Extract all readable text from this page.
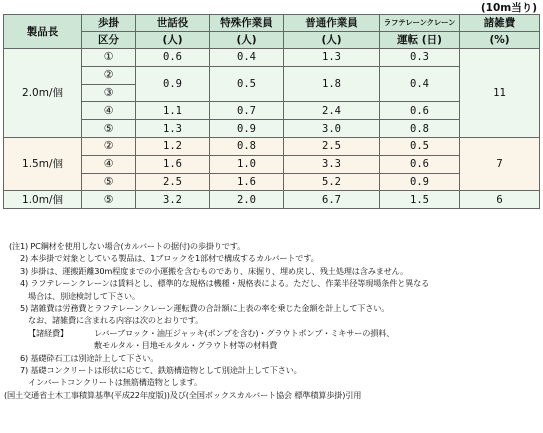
(10m当り)
製品長	歩掛	世話役	特殊作業員	普通作業員	ラフテレーンクレーン	諸雑費
	区分	(人)	(人)	(人)	運転 (日)	(%)
2.0m/個	①	0.6	0.4	1.3	0.3	11
	②	0.9	0.5	1.8	0.4	
	③					
	④	1.1	0.7	2.4	0.6	
	⑤	1.3	0.9	3.0	0.8	
1.5m/個	②	1.2	0.8	2.5	0.5	7
	④	1.6	1.0	3.3	0.6	
	⑤	2.5	1.6	5.2	0.9	
1.0m/個	⑤	3.2	2.0	6.7	1.5	6
(注1) PC鋼材を使用しない場合(カルバートの据付)の歩掛りです。
2) 本歩掛で対象としている製品は、1ブロックを1部材で構成するカルバートです。
3) 歩掛は、運搬距離30m程度までの小運搬を含むものであり、床掘り、埋め戻し、残土処理は含みません。
4) ラフテレーンクレーンは賃料とし、標準的な規格は機種・規格表による。ただし、作業半径等現場条件と異なる
場合は、別途検討して下さい。
5) 諸雑費は労務費とラフテレーンクレーン運転費の合計額に上表の率を乗じた金額を計上して下さい。
なお、諸雑費に含まれる内容は次のとおりです。
【諸経費】	レバーブロック・油圧ジャッキ(ポンプを含む)・グラウトポンプ・ミキサーの損料、
敷モルタル・目地モルタル・グラウト材等の材料費
6) 基礎砕石工は別途計上して下さい。
7) 基礎コンクリートは形状に応じて、鉄筋構造物として別途計上して下さい。
インバートコンクリートは無筋構造物とします。
(国土交通省土木工事積算基準(平成22年度版))及び(全国ボックスカルバート協会 標準積算歩掛)引用
